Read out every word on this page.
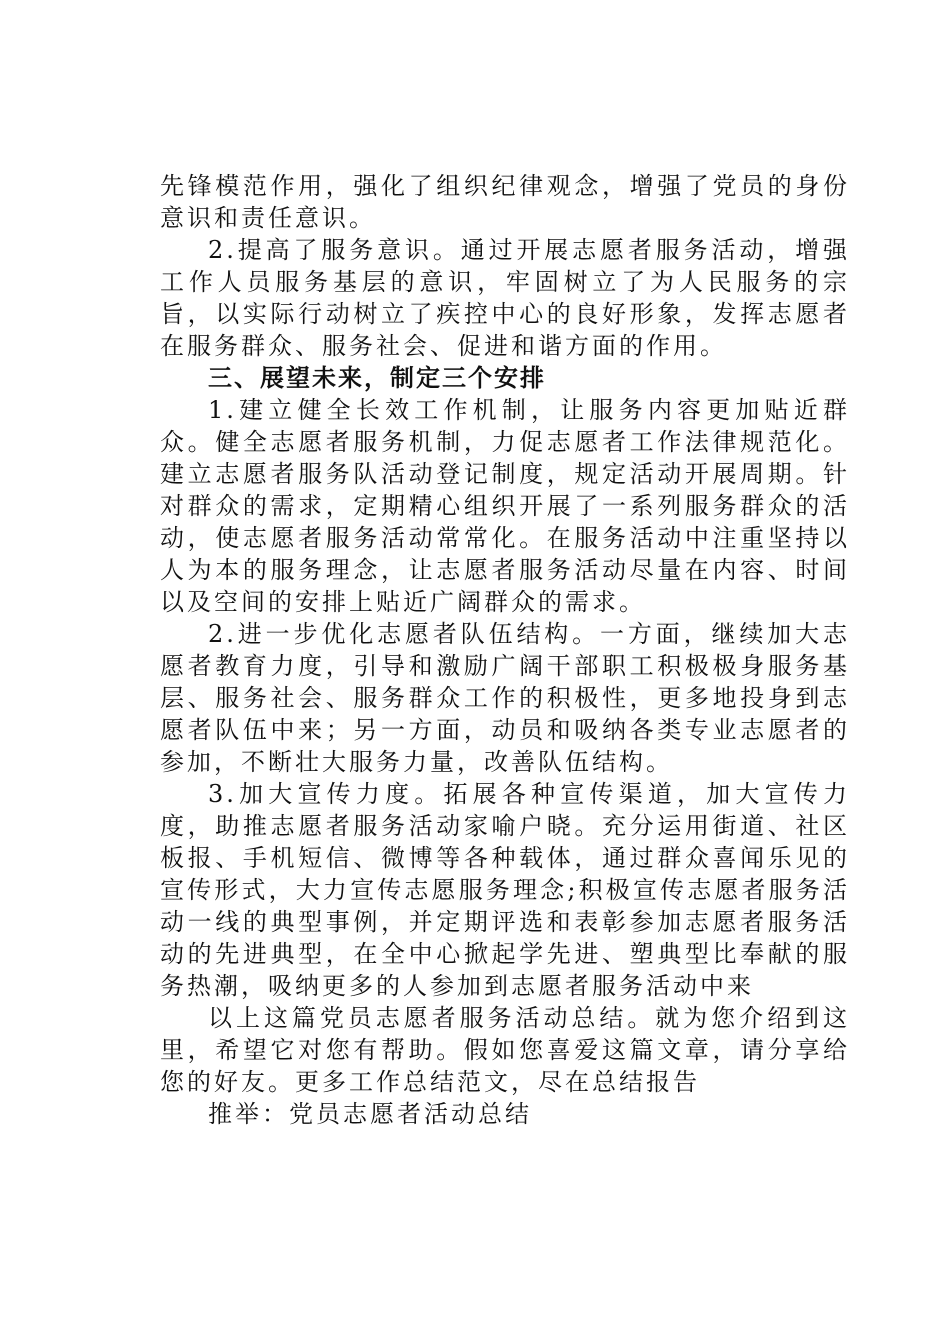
先锋模范作用，强化了组织纪律观念，增强了党员的身份意识和责任意识。

2.提高了服务意识。通过开展志愿者服务活动，增强工作人员服务基层的意识，牢固树立了为人民服务的宗旨，以实际行动树立了疾控中心的良好形象，发挥志愿者在服务群众、服务社会、促进和谐方面的作用。

三、展望未来，制定三个安排

1.建立健全长效工作机制，让服务内容更加贴近群众。健全志愿者服务机制，力促志愿者工作法律规范化。建立志愿者服务队活动登记制度，规定活动开展周期。针对群众的需求，定期精心组织开展了一系列服务群众的活动，使志愿者服务活动常常化。在服务活动中注重坚持以人为本的服务理念，让志愿者服务活动尽量在内容、时间以及空间的安排上贴近广阔群众的需求。

2.进一步优化志愿者队伍结构。一方面，继续加大志愿者教育力度，引导和激励广阔干部职工积极极身服务基层、服务社会、服务群众工作的积极性，更多地投身到志愿者队伍中来；另一方面，动员和吸纳各类专业志愿者的参加，不断壮大服务力量，改善队伍结构。

3.加大宣传力度。拓展各种宣传渠道，加大宣传力度，助推志愿者服务活动家喻户晓。充分运用街道、社区板报、手机短信、微博等各种载体，通过群众喜闻乐见的宣传形式，大力宣传志愿服务理念;积极宣传志愿者服务活动一线的典型事例，并定期评选和表彰参加志愿者服务活动的先进典型，在全中心掀起学先进、塑典型比奉献的服务热潮，吸纳更多的人参加到志愿者服务活动中来

以上这篇党员志愿者服务活动总结。就为您介绍到这里，希望它对您有帮助。假如您喜爱这篇文章，请分享给您的好友。更多工作总结范文，尽在总结报告

推举：党员志愿者活动总结
